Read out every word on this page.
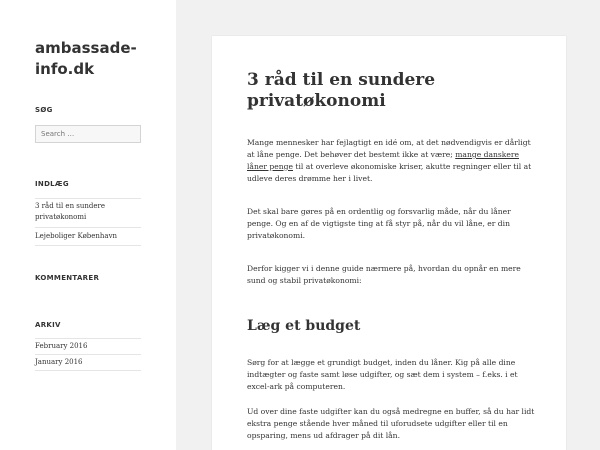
ambassade-info.dk
SØG
Search …
INDLÆG
3 råd til en sundere privatøkonomi
Lejeboliger København
KOMMENTARER
ARKIV
February 2016
January 2016
3 råd til en sundere privatøkonomi

Mange mennesker har fejlagtigt en idé om, at det nødvendigvis er dårligt at låne penge. Det behøver det bestemt ikke at være; mange danskere låner penge til at overleve økonomiske kriser, akutte regninger eller til at udleve deres drømme her i livet.

Det skal bare gøres på en ordentlig og forsvarlig måde, når du låner penge. Og en af de vigtigste ting at få styr på, når du vil låne, er din privatøkonomi.

Derfor kigger vi i denne guide nærmere på, hvordan du opnår en mere sund og stabil privatøkonomi:

Læg et budget

Sørg for at lægge et grundigt budget, inden du låner. Kig på alle dine indtægter og faste samt løse udgifter, og sæt dem i system – f.eks. i et excel-ark på computeren.

Ud over dine faste udgifter kan du også medregne en buffer, så du har lidt ekstra penge stående hver måned til uforudsete udgifter eller til en opsparing, mens ud afdrager på dit lån.
